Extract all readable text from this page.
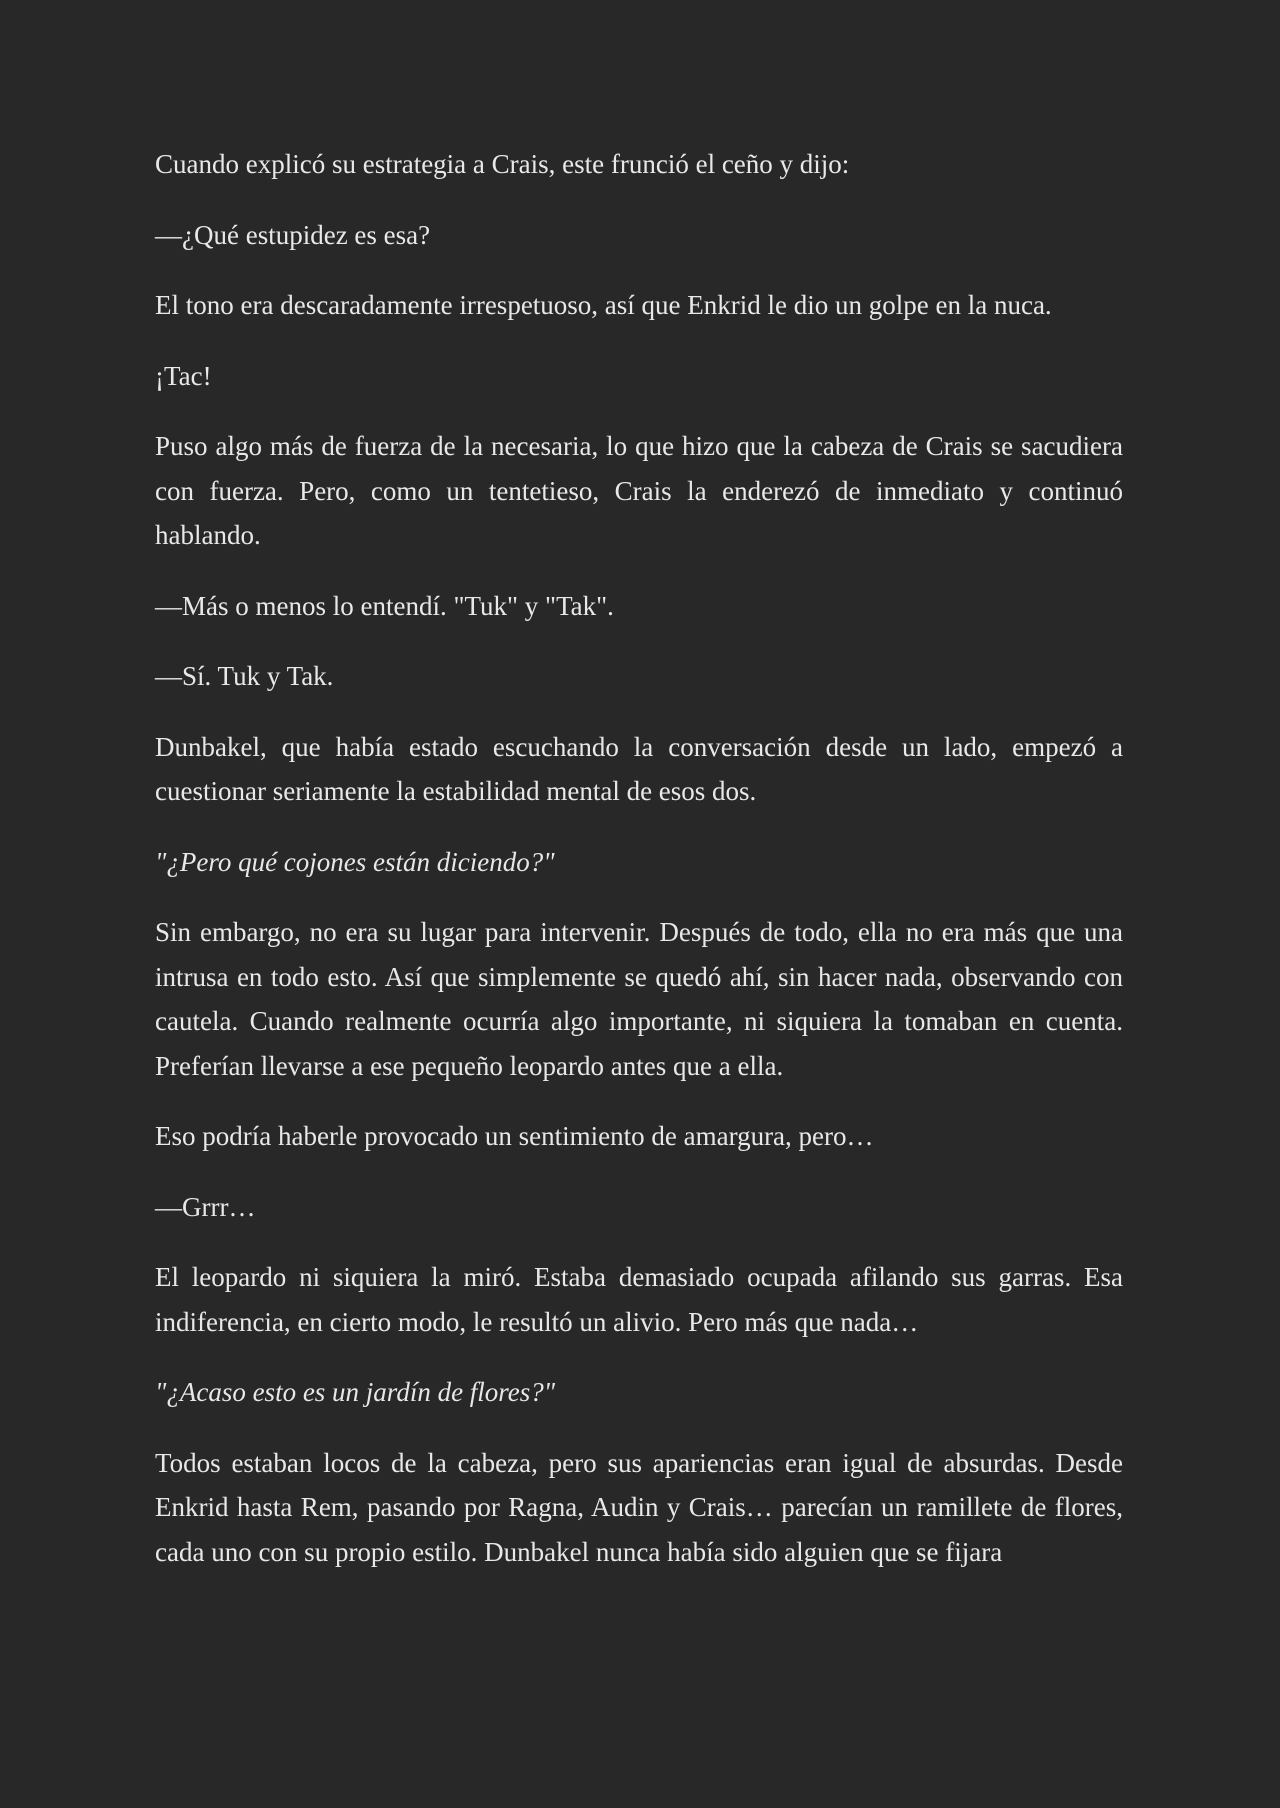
Cuando explicó su estrategia a Crais, este frunció el ceño y dijo:

—¿Qué estupidez es esa?

El tono era descaradamente irrespetuoso, así que Enkrid le dio un golpe en la nuca.

¡Tac!

Puso algo más de fuerza de la necesaria, lo que hizo que la cabeza de Crais se sacudiera con fuerza. Pero, como un tentetieso, Crais la enderezó de inmediato y continuó hablando.

—Más o menos lo entendí. "Tuk" y "Tak".

—Sí. Tuk y Tak.

Dunbakel, que había estado escuchando la conversación desde un lado, empezó a cuestionar seriamente la estabilidad mental de esos dos.

"¿Pero qué cojones están diciendo?"

Sin embargo, no era su lugar para intervenir. Después de todo, ella no era más que una intrusa en todo esto. Así que simplemente se quedó ahí, sin hacer nada, observando con cautela. Cuando realmente ocurría algo importante, ni siquiera la tomaban en cuenta. Preferían llevarse a ese pequeño leopardo antes que a ella.

Eso podría haberle provocado un sentimiento de amargura, pero…

—Grrr…

El leopardo ni siquiera la miró. Estaba demasiado ocupada afilando sus garras. Esa indiferencia, en cierto modo, le resultó un alivio. Pero más que nada…

"¿Acaso esto es un jardín de flores?"

Todos estaban locos de la cabeza, pero sus apariencias eran igual de absurdas. Desde Enkrid hasta Rem, pasando por Ragna, Audin y Crais… parecían un ramillete de flores, cada uno con su propio estilo. Dunbakel nunca había sido alguien que se fijara
